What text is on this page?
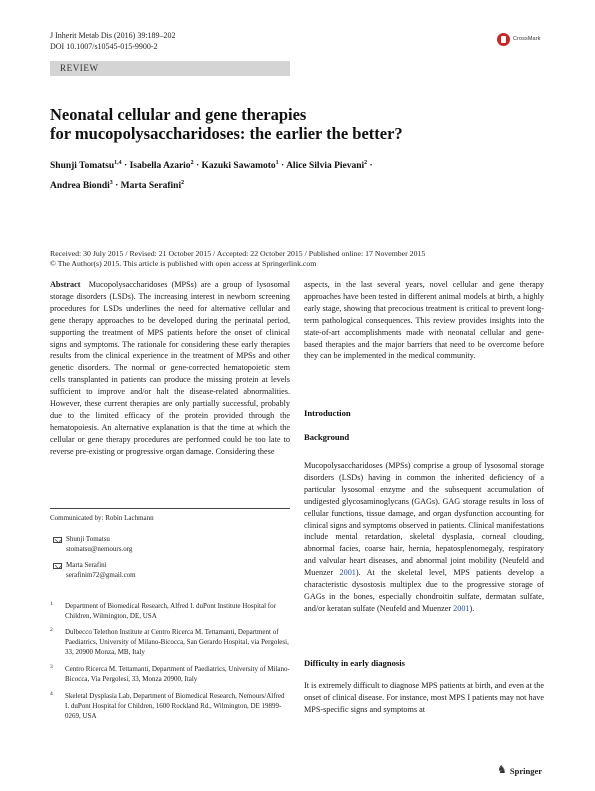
J Inherit Metab Dis (2016) 39:189–202
DOI 10.1007/s10545-015-9900-2
CrossMark
REVIEW
Neonatal cellular and gene therapies
for mucopolysaccharidoses: the earlier the better?
Shunji Tomatsu$^{1,4}$ · Isabella Azario$^2$ · Kazuki Sawamoto$^1$ · Alice Silvia Pievani$^2$ ·
Andrea Biondi$^3$ · Marta Serafini$^2$
Received: 30 July 2015 / Revised: 21 October 2015 / Accepted: 22 October 2015 / Published online: 17 November 2015
© The Author(s) 2015. This article is published with open access at Springerlink.com
Abstract Mucopolysaccharidoses (MPSs) are a group of lysosomal storage disorders (LSDs). The increasing interest in newborn screening procedures for LSDs underlines the need for alternative cellular and gene therapy approaches to be developed during the perinatal period, supporting the treatment of MPS patients before the onset of clinical signs and symptoms. The rationale for considering these early therapies results from the clinical experience in the treatment of MPSs and other genetic disorders. The normal or gene-corrected hematopoietic stem cells transplanted in patients can produce the missing protein at levels sufficient to improve and/or halt the disease-related abnormalities. However, these current therapies are only partially successful, probably due to the limited efficacy of the protein provided through the hematopoiesis. An alternative explanation is that the time at which the cellular or gene therapy procedures are performed could be too late to reverse pre-existing or progressive organ damage. Considering these
Communicated by: Robin Lachmann
Shunji Tomatsu
stomatsu@nemours.org
Marta Serafini
serafinim72@gmail.com
1 Department of Biomedical Research, Alfred I. duPont Institute Hospital for Children, Wilmington, DE, USA
2 Dulbecco Telethon Institute at Centro Ricerca M. Tettamanti, Department of Paediatrics, University of Milano-Bicocca, San Gerardo Hospital, via Pergolesi, 33, 20900 Monza, MB, Italy
3 Centro Ricerca M. Tettamanti, Department of Paediatrics, University of Milano-Bicocca, Via Pergolesi, 33, Monza 20900, Italy
4 Skeletal Dysplasia Lab, Department of Biomedical Research, Nemours/Alfred I. duPont Hospital for Children, 1600 Rockland Rd., Wilmington, DE 19899-0269, USA
aspects, in the last several years, novel cellular and gene therapy approaches have been tested in different animal models at birth, a highly early stage, showing that precocious treatment is critical to prevent long-term pathological consequences. This review provides insights into the state-of-art accomplishments made with neonatal cellular and gene-based therapies and the major barriers that need to be overcome before they can be implemented in the medical community.
Introduction
Background
Mucopolysaccharidoses (MPSs) comprise a group of lysosomal storage disorders (LSDs) having in common the inherited deficiency of a particular lysosomal enzyme and the subsequent accumulation of undigested glycosaminoglycans (GAGs). GAG storage results in loss of cellular functions, tissue damage, and organ dysfunction accounting for clinical signs and symptoms observed in patients. Clinical manifestations include mental retardation, skeletal dysplasia, corneal clouding, abnormal facies, coarse hair, hernia, hepatosplenomegaly, respiratory and valvular heart diseases, and abnormal joint mobility (Neufeld and Muenzer 2001). At the skeletal level, MPS patients develop a characteristic dysostosis multiplex due to the progressive storage of GAGs in the bones, especially chondroitin sulfate, dermatan sulfate, and/or keratan sulfate (Neufeld and Muenzer 2001).
Difficulty in early diagnosis
It is extremely difficult to diagnose MPS patients at birth, and even at the onset of clinical disease. For instance, most MPS I patients may not have MPS-specific signs and symptoms at
♞ Springer
